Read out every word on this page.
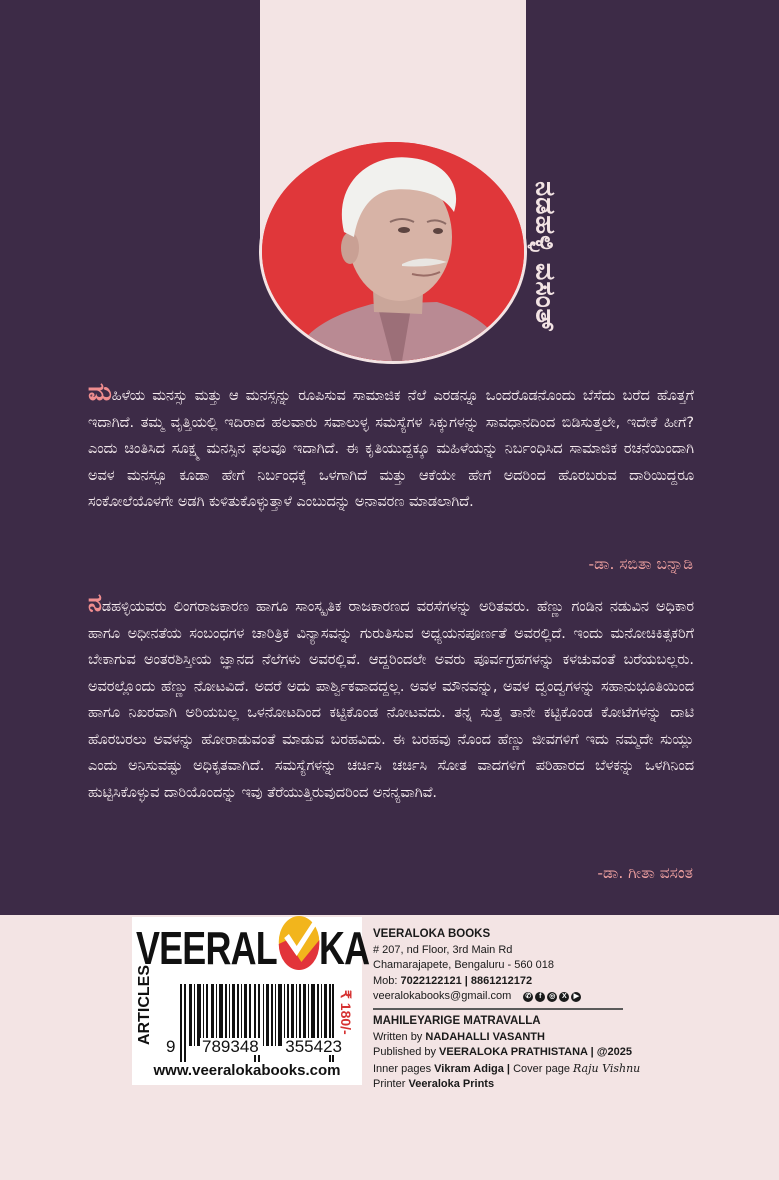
ನಡಹಳ್ಳಿ ವಸಂತ್
ಮಹಿಳೆಯ ಮನಸ್ಸು ಮತ್ತು ಆ ಮನಸ್ಸನ್ನು ರೂಪಿಸುವ ಸಾಮಾಜಿಕ ನೆಲೆ ಎರಡನ್ನೂ ಒಂದರೊಡನೊಂದು ಬೆಸೆದು ಬರೆದ ಹೊತ್ತಗೆ ಇದಾಗಿದೆ. ತಮ್ಮ ವೃತ್ತಿಯಲ್ಲಿ ಇದಿರಾದ ಹಲವಾರು ಸವಾಲುಳ್ಳ ಸಮಸ್ಯೆಗಳ ಸಿಕ್ಕುಗಳನ್ನು ಸಾವಧಾನದಿಂದ ಬಿಡಿಸುತ್ತಲೇ, ಇದೇಕೆ ಹೀಗೆ? ಎಂದು ಚಿಂತಿಸಿದ ಸೂಕ್ಷ್ಮ ಮನಸ್ಸಿನ ಫಲವೂ ಇದಾಗಿದೆ. ಈ ಕೃತಿಯುದ್ದಕ್ಕೂ ಮಹಿಳೆಯನ್ನು ನಿರ್ಬಂಧಿಸಿದ ಸಾಮಾಜಿಕ ರಚನೆಯಿಂದಾಗಿ ಅವಳ ಮನಸ್ಸೂ ಕೂಡಾ ಹೇಗೆ ನಿರ್ಬಂಧಕ್ಕೆ ಒಳಗಾಗಿದೆ ಮತ್ತು ಆಕೆಯೇ ಹೇಗೆ ಅದರಿಂದ ಹೊರಬರುವ ದಾರಿಯಿದ್ದರೂ ಸಂಕೋಲೆಯೊಳಗೇ ಅಡಗಿ ಕುಳಿತುಕೊಳ್ಳುತ್ತಾಳೆ ಎಂಬುದನ್ನು ಅನಾವರಣ ಮಾಡಲಾಗಿದೆ.
-ಡಾ. ಸಬಿತಾ ಬನ್ನಾಡಿ
ನಡಹಳ್ಳಿಯವರು ಲಿಂಗರಾಜಕಾರಣ ಹಾಗೂ ಸಾಂಸ್ಕೃತಿಕ ರಾಜಕಾರಣದ ವರಸೆಗಳನ್ನು ಅರಿತವರು. ಹೆಣ್ಣು ಗಂಡಿನ ನಡುವಿನ ಅಧಿಕಾರ ಹಾಗೂ ಅಧೀನತೆಯ ಸಂಬಂಧಗಳ ಚಾರಿತ್ರಿಕ ವಿನ್ಯಾಸವನ್ನು ಗುರುತಿಸುವ ಅಧ್ಯಯನಪೂರ್ಣತೆ ಅವರಲ್ಲಿದೆ. ಇಂದು ಮನೋಚಿಕಿತ್ಸಕರಿಗೆ ಬೇಕಾಗುವ ಅಂತರಶಿಸ್ತೀಯ ಜ್ಞಾನದ ನೆಲೆಗಳು ಅವರಲ್ಲಿವೆ. ಆದ್ದರಿಂದಲೇ ಅವರು ಪೂರ್ವಗ್ರಹಗಳನ್ನು ಕಳಚುವಂತೆ ಬರೆಯಬಲ್ಲರು. ಅವರಲ್ಲೊಂದು ಹೆಣ್ಣು ನೋಟವಿದೆ. ಅದರೆ ಅದು ಪಾರ್ಶ್ವಿಕವಾದದ್ದಲ್ಲ. ಅವಳ ಮೌನವನ್ನು, ಅವಳ ದ್ವಂದ್ವಗಳನ್ನು ಸಹಾನುಭೂತಿಯಿಂದ ಹಾಗೂ ನಿಖರವಾಗಿ ಅರಿಯಬಲ್ಲ ಒಳನೋಟದಿಂದ ಕಟ್ಟಿಕೊಂಡ ನೋಟವದು. ತನ್ನ ಸುತ್ತ ತಾನೇ ಕಟ್ಟಿಕೊಂಡ ಕೋಟೆಗಳನ್ನು ದಾಟಿ ಹೊರಬರಲು ಅವಳನ್ನು ಹೋರಾಡುವಂತೆ ಮಾಡುವ ಬರಹವಿದು. ಈ ಬರಹವು ನೊಂದ ಹೆಣ್ಣು ಜೀವಗಳಿಗೆ ಇದು ನಮ್ಮದೇ ಸುಯ್ಲು ಎಂದು ಅನಿಸುವಷ್ಟು ಅಧಿಕೃತವಾಗಿದೆ. ಸಮಸ್ಯೆಗಳನ್ನು ಚರ್ಚಿಸಿ ಚರ್ಚಿಸಿ ಸೋತ ವಾದಗಳಿಗೆ ಪರಿಹಾರದ ಬೆಳಕನ್ನು ಒಳಗಿನಿಂದ ಹುಟ್ಟಿಸಿಕೊಳ್ಳುವ ದಾರಿಯೊಂದನ್ನು ಇವು ತೆರೆಯುತ್ತಿರುವುದರಿಂದ ಅನನ್ಯವಾಗಿವೆ.
-ಡಾ. ಗೀತಾ ವಸಂತ
VEERAL KA
ARTICLES
9 789348 355423
₹ 180/-
www.veeralokabooks.com
VEERALOKA BOOKS
# 207, nd Floor, 3rd Main Rd
Chamarajapete, Bengaluru - 560 018
Mob: 7022122121 | 8861212172
veeralokabooks@gmail.com ✆	f	◎ X ▶
MAHILEYARIGE MATRAVALLA
Written by NADAHALLI VASANTH
Published by VEERALOKA PRATHISTANA | @2025
Inner pages Vikram Adiga | Cover page Raju Vishnu
Printer Veeraloka Prints
